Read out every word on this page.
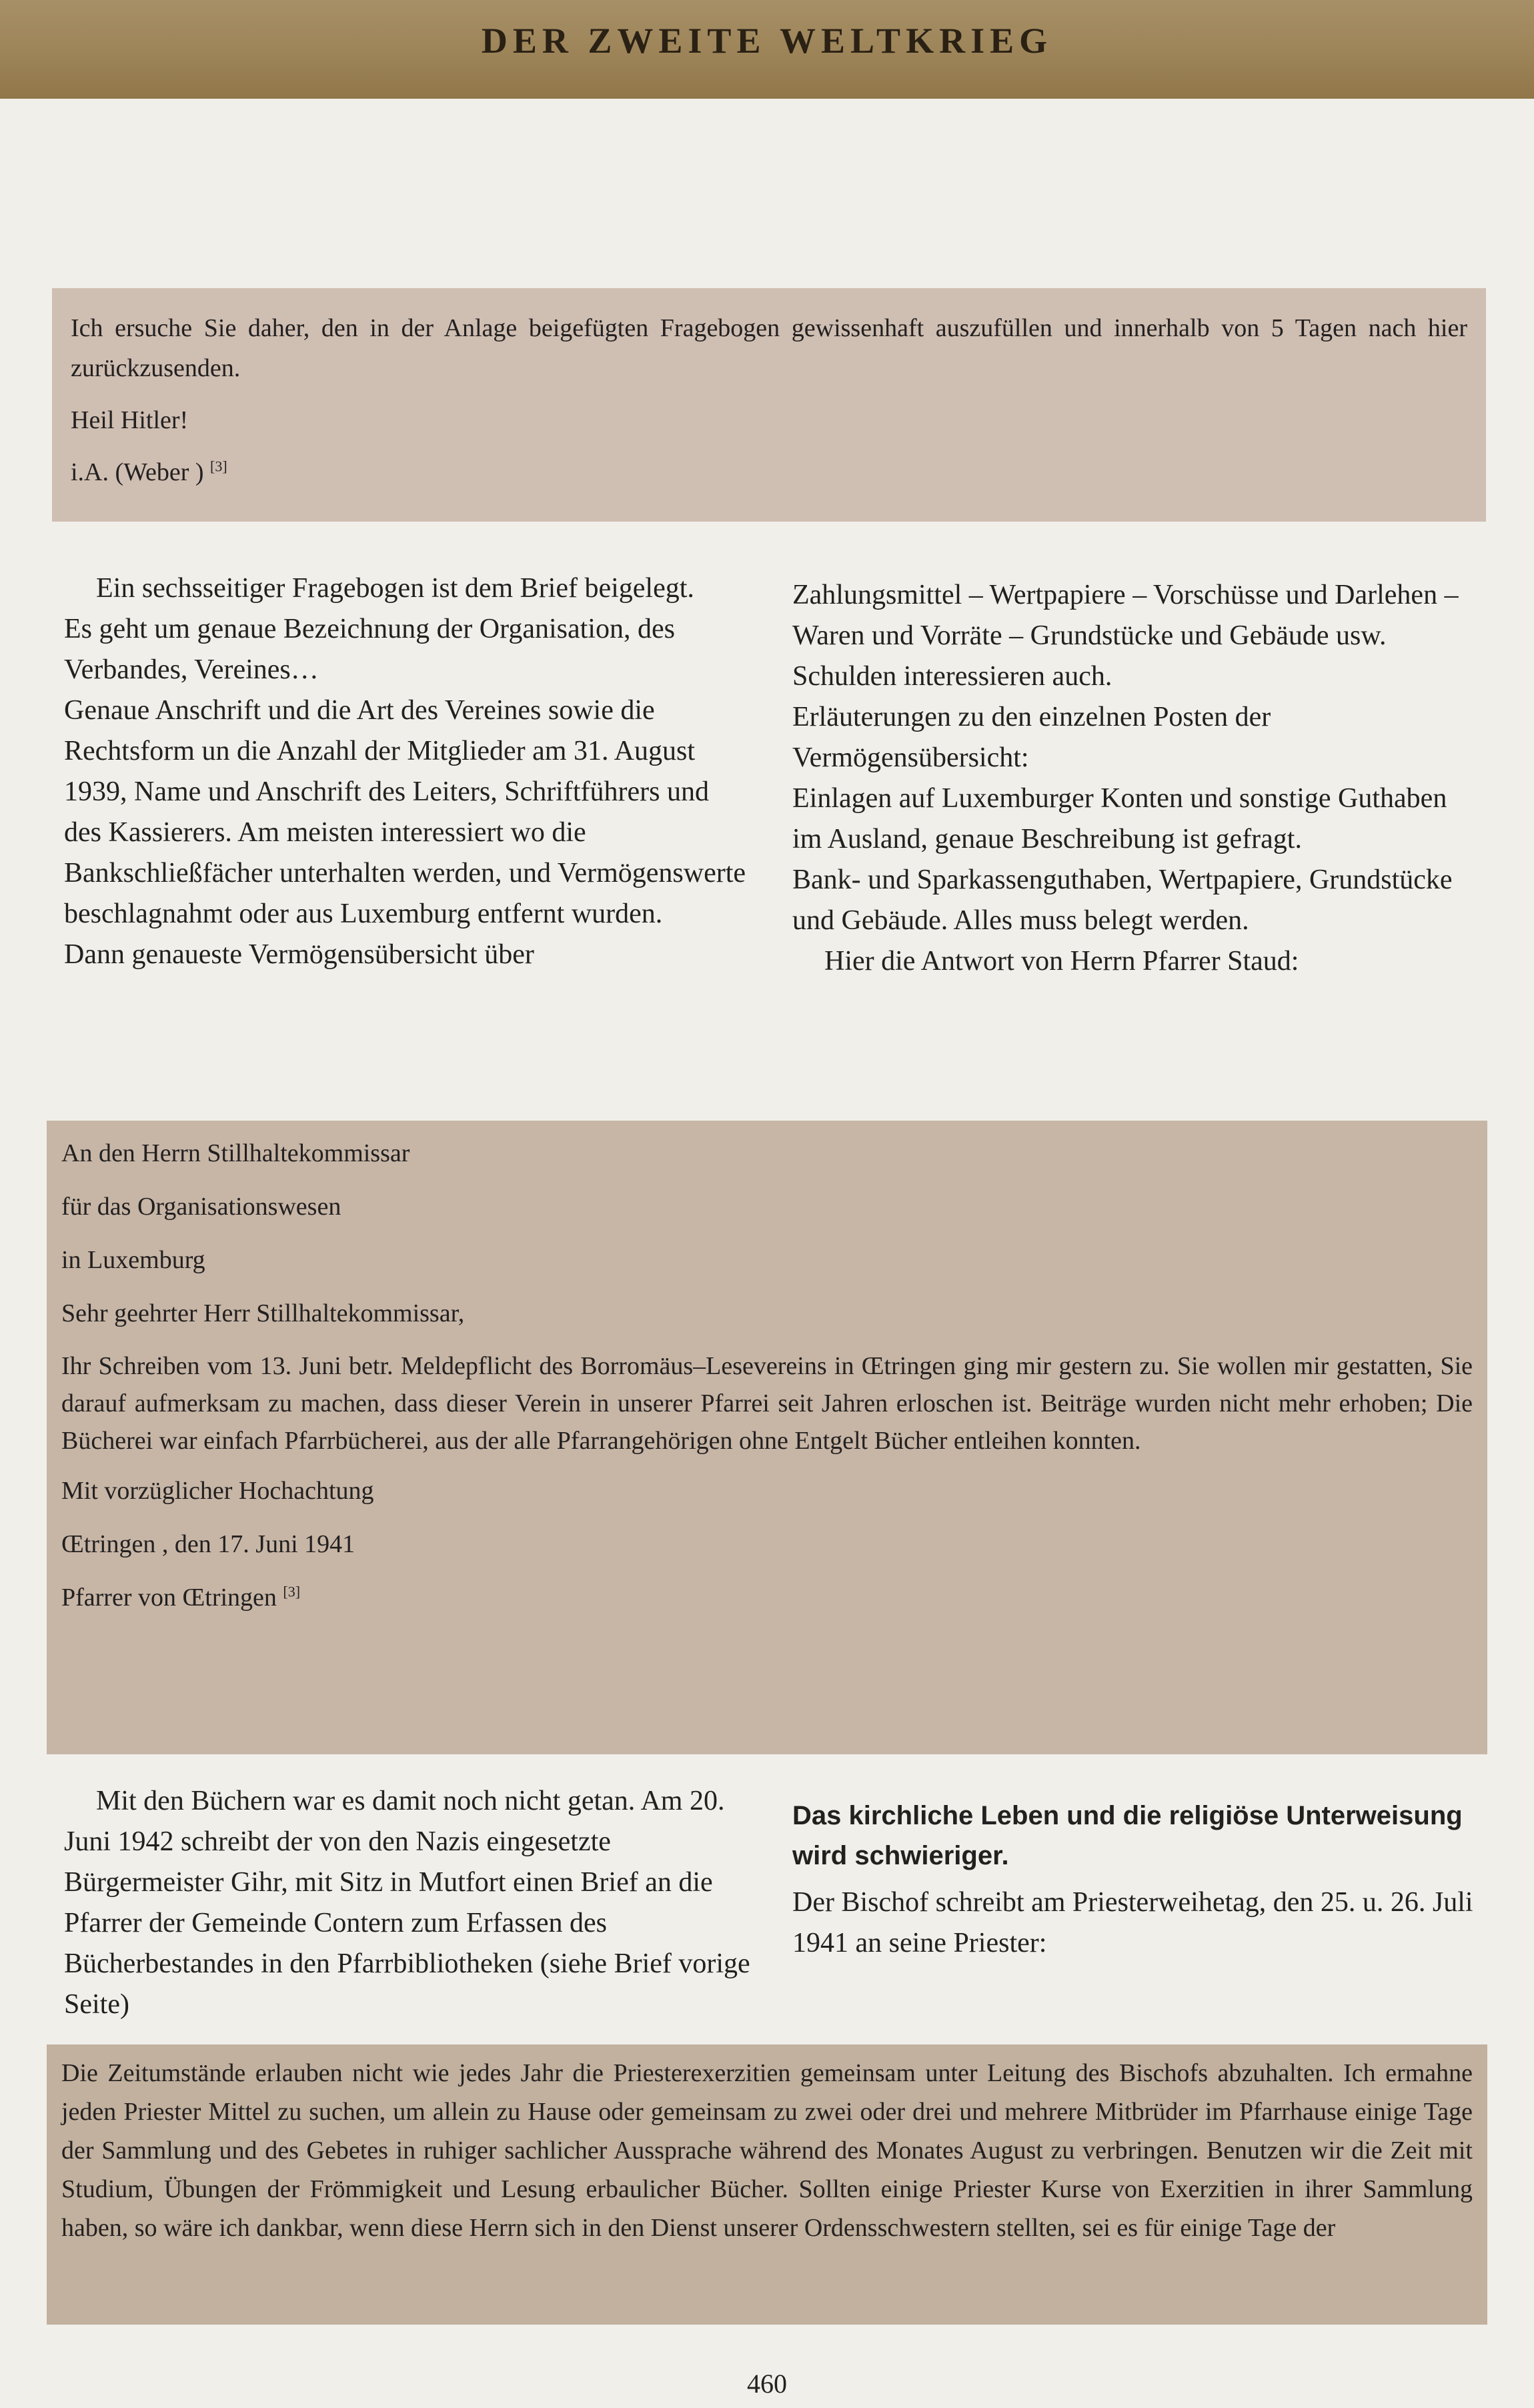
DER ZWEITE WELTKRIEG

Ich ersuche Sie daher, den in der Anlage beigefügten Fragebogen gewissenhaft auszufüllen und innerhalb von 5 Tagen nach hier zurückzusenden.

Heil Hitler!

i.A. (Weber ) [3]

Ein sechsseitiger Fragebogen ist dem Brief beigelegt.

Es geht um genaue Bezeichnung der Organisation, des Verbandes, Vereines…

Genaue Anschrift und die Art des Vereines sowie die Rechtsform un die Anzahl der Mitglieder am 31. August 1939, Name und Anschrift des Leiters, Schriftführers und des Kassierers. Am meisten interessiert wo die Bankschließfächer unterhalten werden, und Vermögenswerte beschlagnahmt oder aus Luxemburg entfernt wurden.

Dann genaueste Vermögensübersicht über

Zahlungsmittel – Wertpapiere – Vorschüsse und Darlehen – Waren und Vorräte – Grundstücke und Gebäude usw.

Schulden interessieren auch.

Erläuterungen zu den einzelnen Posten der Vermögensübersicht:

Einlagen auf Luxemburger Konten und sonstige Guthaben im Ausland, genaue Beschreibung ist gefragt.

Bank- und Sparkassenguthaben, Wertpapiere, Grundstücke und Gebäude. Alles muss belegt werden.

Hier die Antwort von Herrn Pfarrer Staud:

An den Herrn Stillhaltekommissar

für das Organisationswesen

in Luxemburg

Sehr geehrter Herr Stillhaltekommissar,

Ihr Schreiben vom 13. Juni betr. Meldepflicht des Borromäus–Lesevereins in Œtringen ging mir gestern zu. Sie wollen mir gestatten, Sie darauf aufmerksam zu machen, dass dieser Verein in unserer Pfarrei seit Jahren erloschen ist. Beiträge wurden nicht mehr erhoben; Die Bücherei war einfach Pfarrbücherei, aus der alle Pfarrangehörigen ohne Entgelt Bücher entleihen konnten.

Mit vorzüglicher Hochachtung

Œtringen , den 17. Juni 1941

Pfarrer von Œtringen [3]

Mit den Büchern war es damit noch nicht getan. Am 20. Juni 1942 schreibt der von den Nazis eingesetzte Bürgermeister Gihr, mit Sitz in Mutfort einen Brief an die Pfarrer der Gemeinde Contern zum Erfassen des Bücherbestandes in den Pfarrbibliotheken (siehe Brief vorige Seite)

Das kirchliche Leben und die religiöse Unterweisung wird schwieriger.

Der Bischof schreibt am Priesterweihetag, den 25. u. 26. Juli 1941 an seine Priester:

Die Zeitumstände erlauben nicht wie jedes Jahr die Priesterexerzitien gemeinsam unter Leitung des Bischofs abzuhalten. Ich ermahne jeden Priester Mittel zu suchen, um allein zu Hause oder gemeinsam zu zwei oder drei und mehrere Mitbrüder im Pfarrhause einige Tage der Sammlung und des Gebetes in ruhiger sachlicher Aussprache während des Monates August zu verbringen. Benutzen wir die Zeit mit Studium, Übungen der Frömmigkeit und Lesung erbaulicher Bücher. Sollten einige Priester Kurse von Exerzitien in ihrer Sammlung haben, so wäre ich dankbar, wenn diese Herrn sich in den Dienst unserer Ordensschwestern stellten, sei es für einige Tage der

460
